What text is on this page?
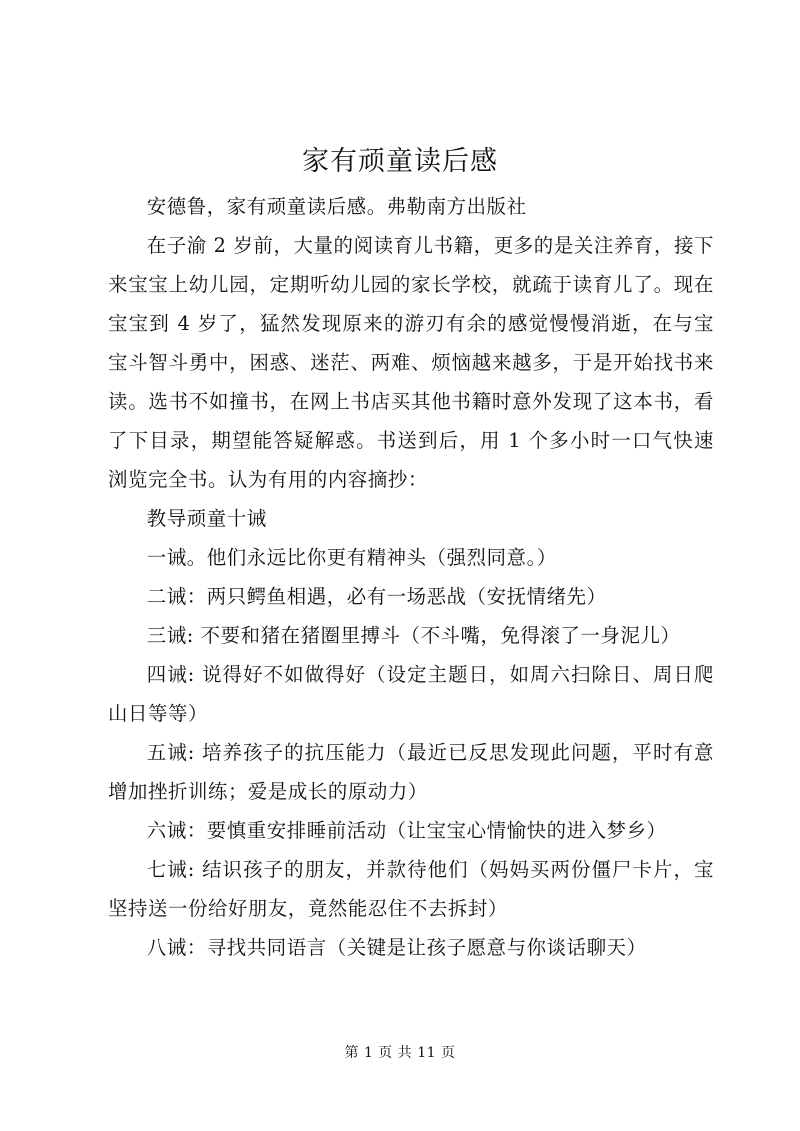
家有顽童读后感

安德鲁，家有顽童读后感。弗勒南方出版社

在子渝 2 岁前，大量的阅读育儿书籍，更多的是关注养育，接下来宝宝上幼儿园，定期听幼儿园的家长学校，就疏于读育儿了。现在宝宝到 4 岁了，猛然发现原来的游刃有余的感觉慢慢消逝，在与宝宝斗智斗勇中，困惑、迷茫、两难、烦恼越来越多，于是开始找书来读。选书不如撞书，在网上书店买其他书籍时意外发现了这本书，看了下目录，期望能答疑解惑。书送到后，用 1 个多小时一口气快速浏览完全书。认为有用的内容摘抄：

教导顽童十诫

一诫。他们永远比你更有精神头（强烈同意。）

二诫：两只鳄鱼相遇，必有一场恶战（安抚情绪先）

三诫: 不要和猪在猪圈里搏斗（不斗嘴，免得滚了一身泥儿）

四诫: 说得好不如做得好（设定主题日，如周六扫除日、周日爬山日等等）

五诫: 培养孩子的抗压能力（最近已反思发现此问题，平时有意增加挫折训练；爱是成长的原动力）

六诫：要慎重安排睡前活动（让宝宝心情愉快的进入梦乡）

七诫: 结识孩子的朋友，并款待他们（妈妈买两份僵尸卡片，宝坚持送一份给好朋友，竟然能忍住不去拆封）

八诫：寻找共同语言（关键是让孩子愿意与你谈话聊天）

第 1 页 共 11 页
